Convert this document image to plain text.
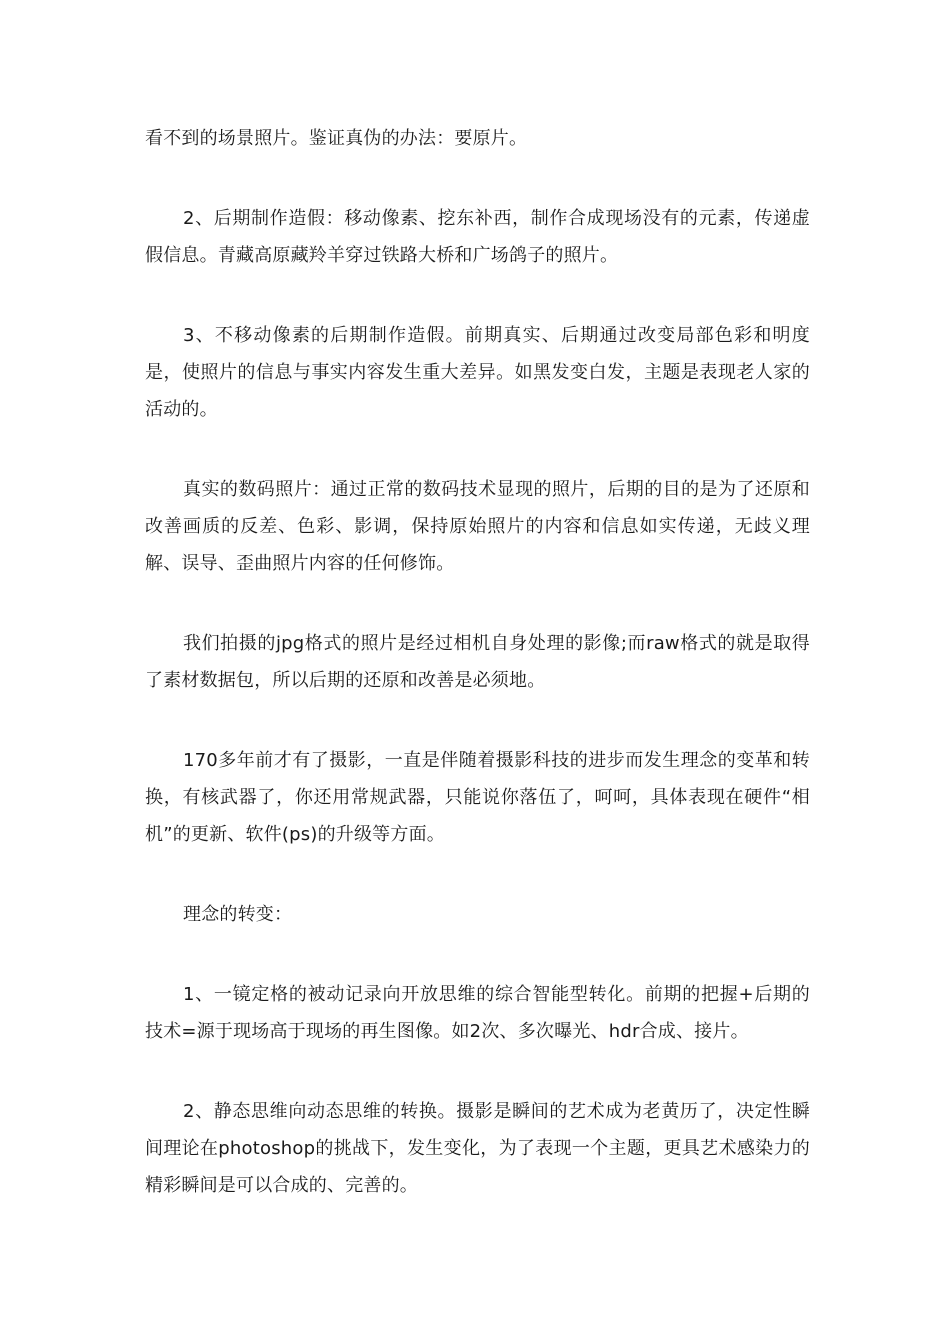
看不到的场景照片。鉴证真伪的办法：要原片。

2、后期制作造假：移动像素、挖东补西，制作合成现场没有的元素，传递虚假信息。青藏高原藏羚羊穿过铁路大桥和广场鸽子的照片。

3、不移动像素的后期制作造假。前期真实、后期通过改变局部色彩和明度是，使照片的信息与事实内容发生重大差异。如黑发变白发，主题是表现老人家的活动的。

真实的数码照片：通过正常的数码技术显现的照片，后期的目的是为了还原和改善画质的反差、色彩、影调，保持原始照片的内容和信息如实传递，无歧义理解、误导、歪曲照片内容的任何修饰。

我们拍摄的jpg格式的照片是经过相机自身处理的影像;而raw格式的就是取得了素材数据包，所以后期的还原和改善是必须地。

170多年前才有了摄影，一直是伴随着摄影科技的进步而发生理念的变革和转换，有核武器了，你还用常规武器，只能说你落伍了，呵呵，具体表现在硬件“相机”的更新、软件(ps)的升级等方面。

理念的转变：

1、一镜定格的被动记录向开放思维的综合智能型转化。前期的把握+后期的技术=源于现场高于现场的再生图像。如2次、多次曝光、hdr合成、接片。

2、静态思维向动态思维的转换。摄影是瞬间的艺术成为老黄历了，决定性瞬间理论在photoshop的挑战下，发生变化，为了表现一个主题，更具艺术感染力的精彩瞬间是可以合成的、完善的。
